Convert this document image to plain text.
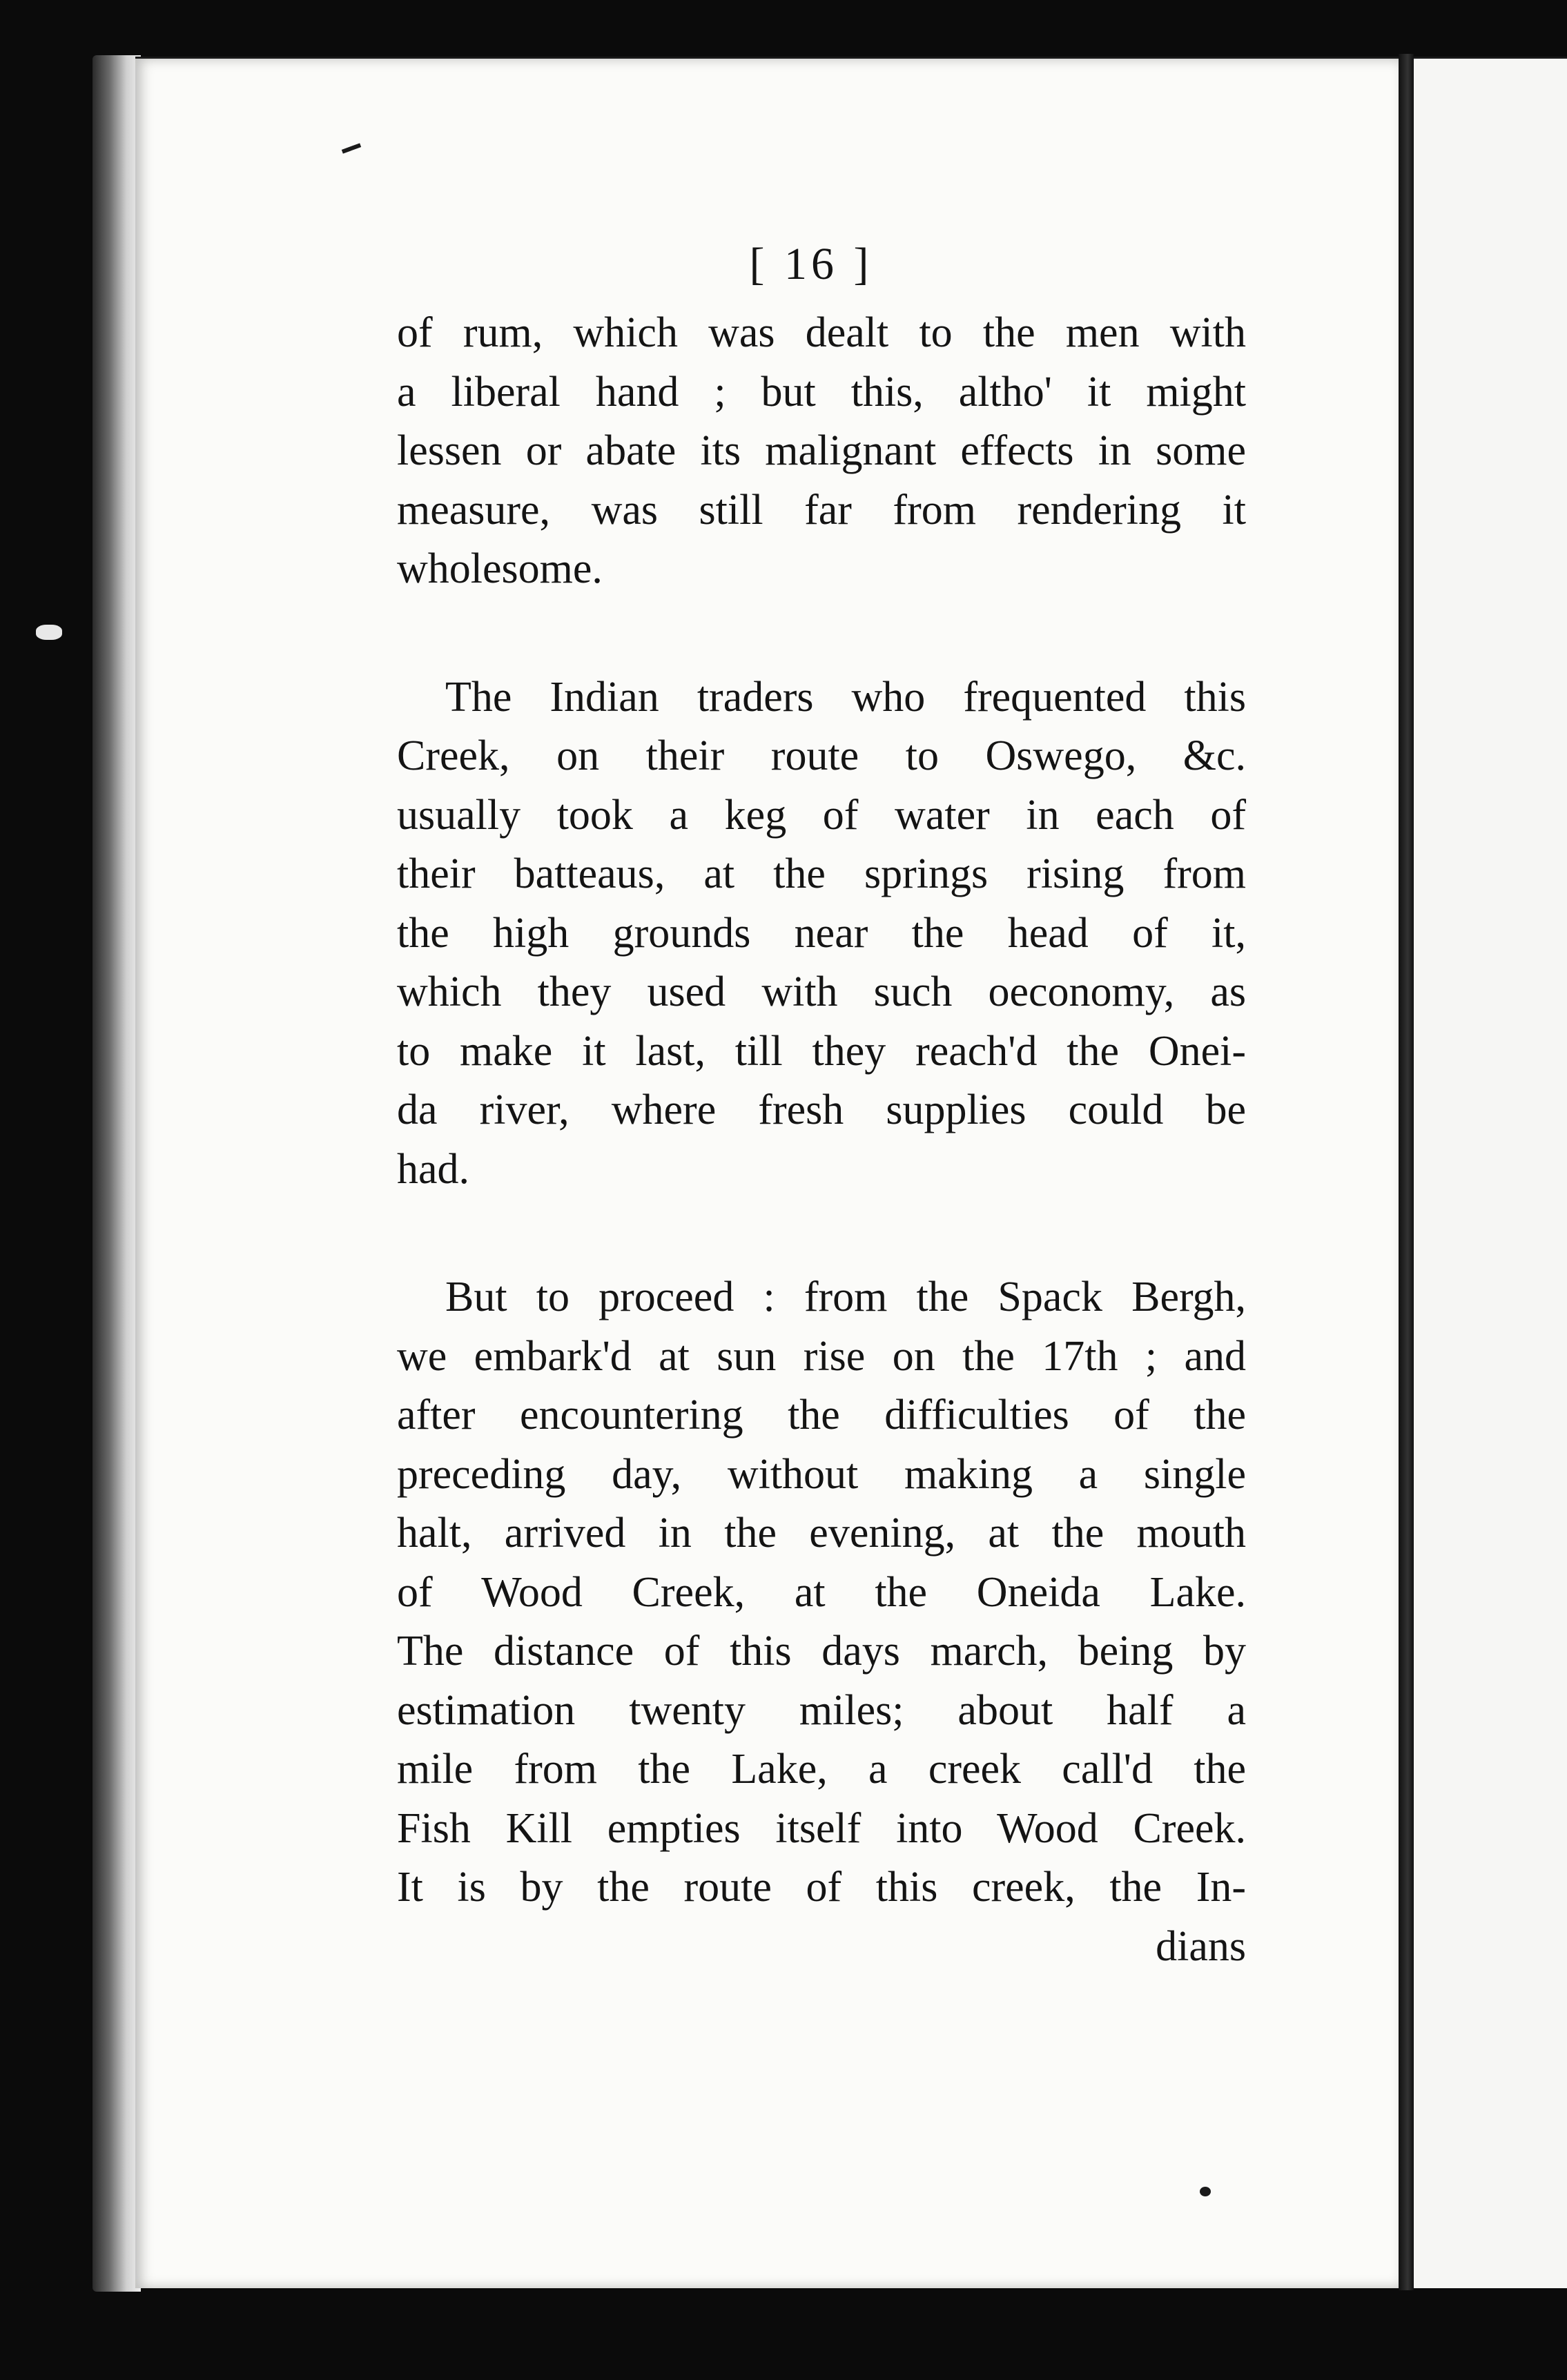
[ 16 ]
of rum, which was dealt to the men with
a liberal hand ; but this, altho' it might
lessen or abate its malignant effects in some
measure, was still far from rendering it
wholesome.
The Indian traders who frequented this
Creek, on their route to Oswego, &c.
usually took a keg of water in each of
their batteaus, at the springs rising from
the high grounds near the head of it,
which they used with such oeconomy, as
to make it last, till they reach'd the Onei-
da river, where fresh supplies could be
had.
But to proceed : from the Spack Bergh,
we embark'd at sun rise on the 17th ; and
after encountering the difficulties of the
preceding day, without making a single
halt, arrived in the evening, at the mouth
of Wood Creek, at the Oneida Lake.
The distance of this days march, being by
estimation twenty miles; about half a
mile from the Lake, a creek call'd the
Fish Kill empties itself into Wood Creek.
It is by the route of this creek, the In-
dians
